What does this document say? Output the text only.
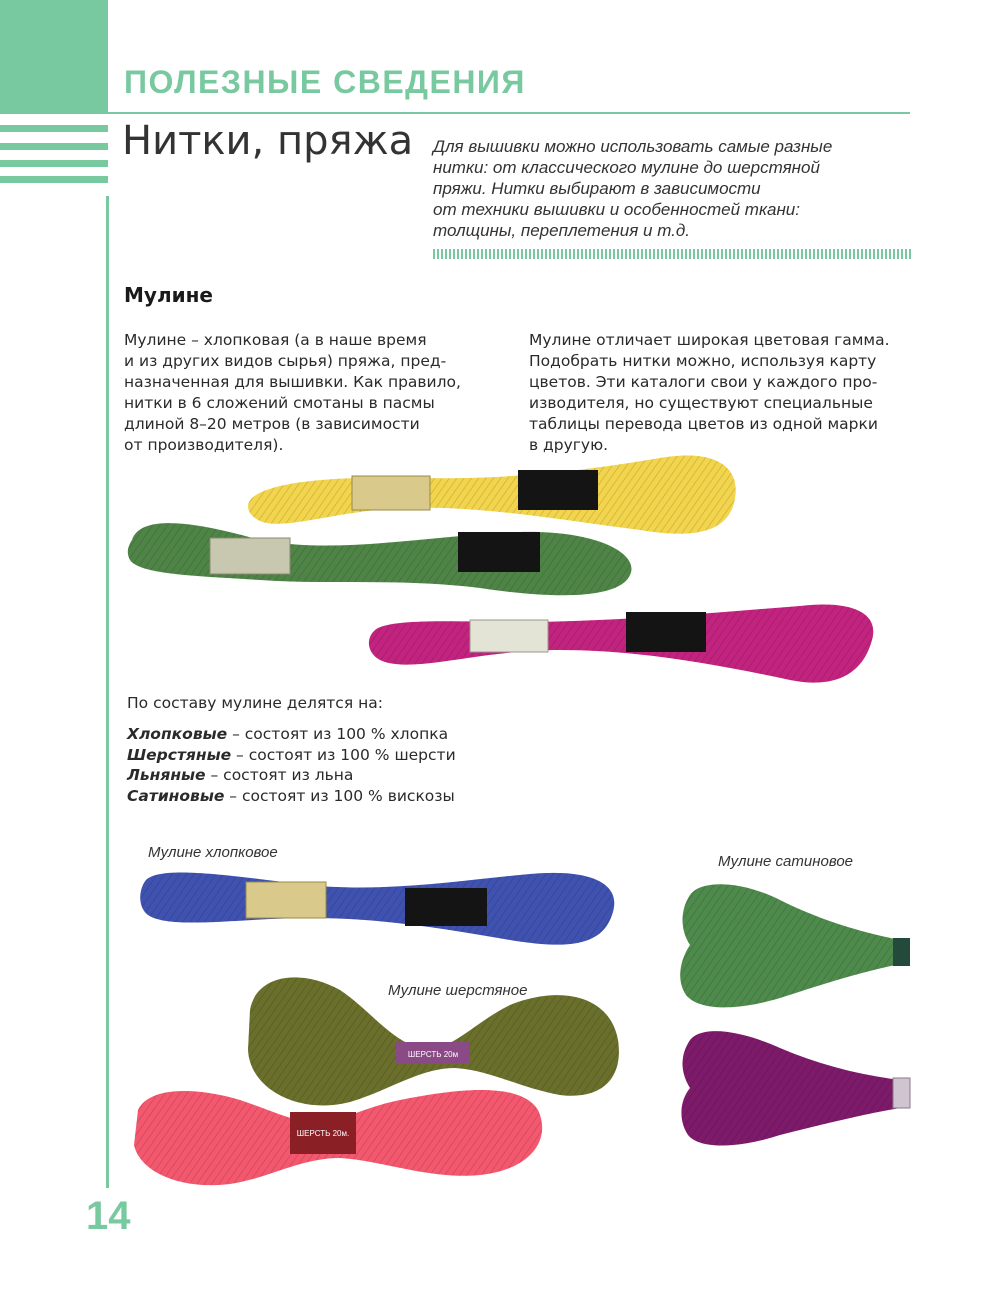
ПОЛЕЗНЫЕ СВЕДЕНИЯ
Нитки, пряжа Для вышивки можно использовать самые разные
нитки: от классического мулине до шерстяной
пряжи. Нитки выбирают в зависимости
от техники вышивки и особенностей ткани:
толщины, переплетения и т.д.
Мулине
Мулине – хлопковая (а в наше время
и из других видов сырья) пряжа, пред-
назначенная для вышивки. Как правило,
нитки в 6 сложений смотаны в пасмы
длиной 8–20 метров (в зависимости
от производителя).
Мулине отличает широкая цветовая гамма.
Подобрать нитки можно, используя карту
цветов. Эти каталоги свои у каждого про-
изводителя, но существуют специальные
таблицы перевода цветов из одной марки
в другую.
ШЕРСТЬ 20м
ШЕРСТЬ 20м.
По составу мулине делятся на:
Хлопковые – состоят из 100 % хлопка
Шерстяные – состоят из 100 % шерсти
Льняные – состоят из льна
Сатиновые – состоят из 100 % вискозы
Мулине хлопковое
Мулине шерстяное
Мулине сатиновое
14
